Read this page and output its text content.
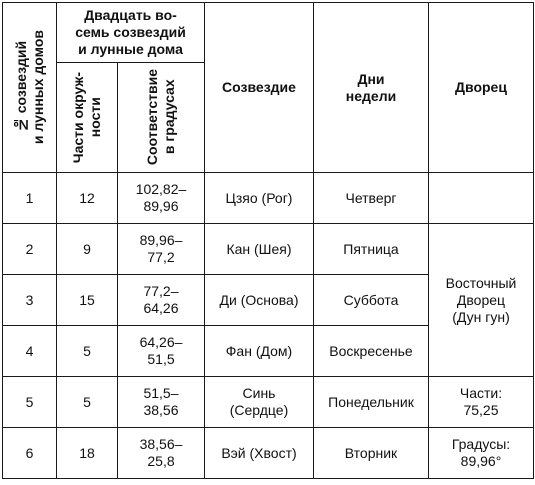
№ созвездий
и лунных домов	Двадцать во-
семь созвездий
и лунные дома		Созвездие	Дни
недели	Дворец

	Части окруж-
ности	Соответствие
в градусах			

1	12	102,82–
89,96	Цзяо (Рог)	Четверг	
2	9	89,96–
77,2	Кан (Шея)	Пятница	Восточный
Дворец
(Дун гун)
3	15	77,2–
64,26	Ди (Основа)	Суббота	
4	5	64,26–
51,5	Фан (Дом)	Воскресенье	
5	5	51,5–
38,56	Синь
(Сердце)	Понедельник	Части:
75,25
6	18	38,56–
25,8	Вэй (Хвост)	Вторник	Градусы:
89,96°
